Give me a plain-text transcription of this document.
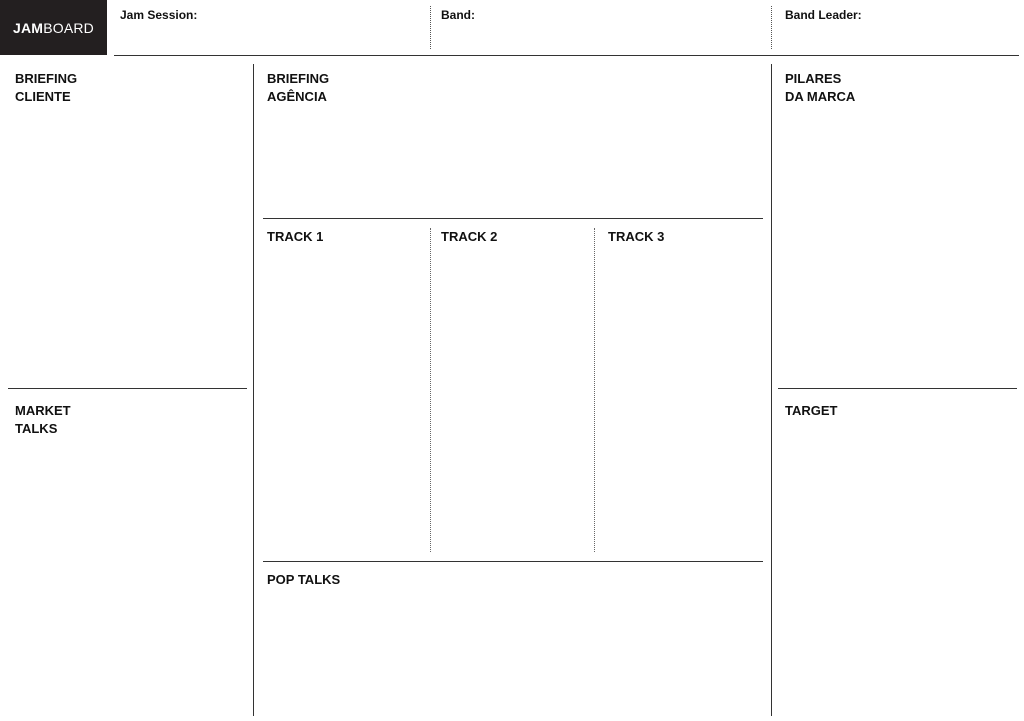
JAM BOARD
Jam Session:	Band:	Band Leader:
BRIEFING
CLIENTE
MARKET
TALKS
BRIEFING
AGÊNCIA
TRACK 1	TRACK 2	TRACK 3
POP TALKS
PILARES
DA MARCA
TARGET
